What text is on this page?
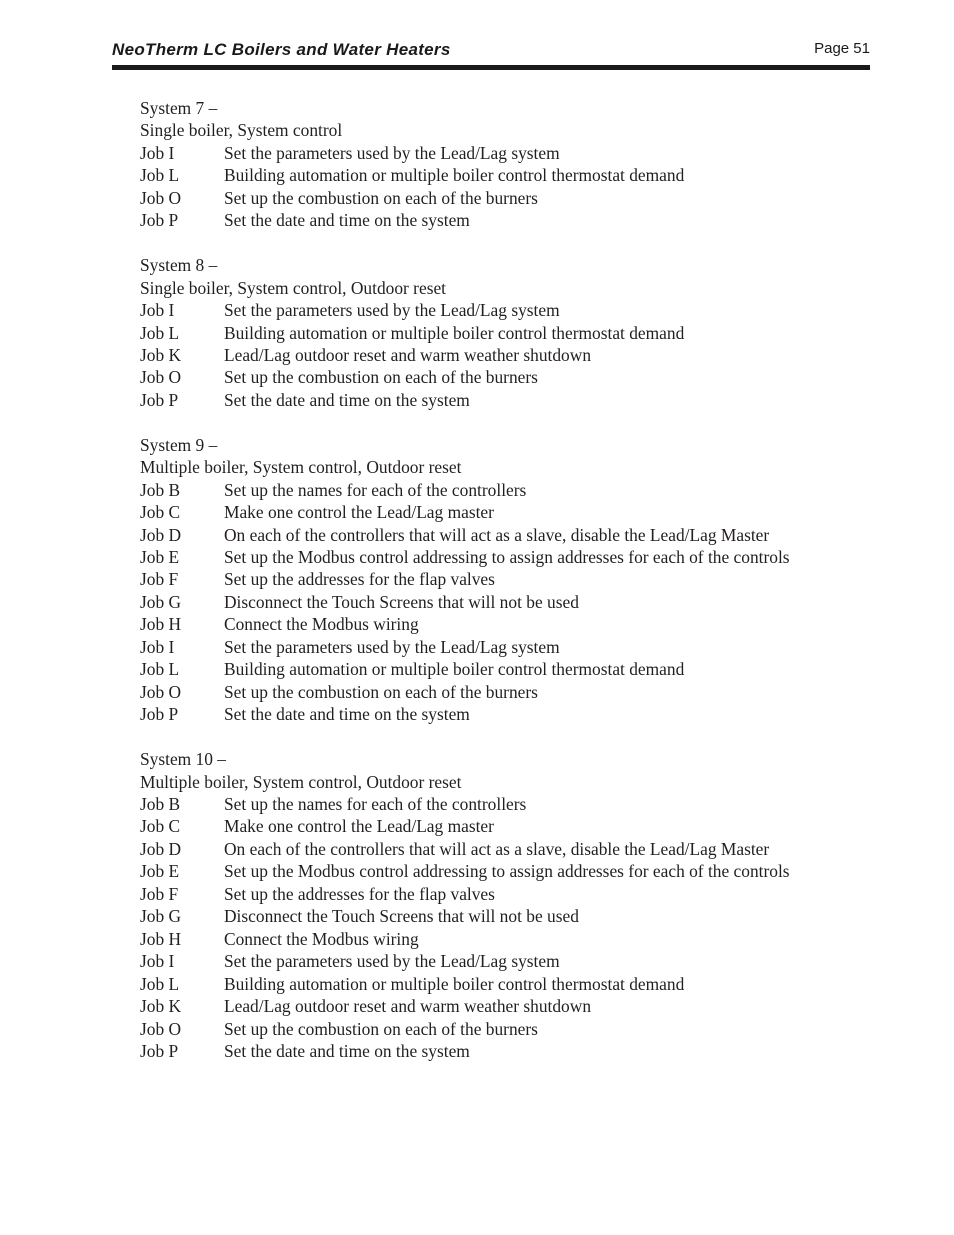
NeoTherm LC Boilers and Water Heaters	Page 51
System 7 –
Single boiler, System control
Job I	Set the parameters used by the Lead/Lag system
Job L	Building automation or multiple boiler control thermostat demand
Job O	Set up the combustion on each of the burners
Job P	Set the date and time on the system
System 8 –
Single boiler, System control, Outdoor reset
Job I	Set the parameters used by the Lead/Lag system
Job L	Building automation or multiple boiler control thermostat demand
Job K	Lead/Lag outdoor reset and warm weather shutdown
Job O	Set up the combustion on each of the burners
Job P	Set the date and time on the system
System 9 –
Multiple boiler, System control, Outdoor reset
Job B	Set up the names for each of the controllers
Job C	Make one control the Lead/Lag master
Job D	On each of the controllers that will act as a slave, disable the Lead/Lag Master
Job E	Set up the Modbus control addressing to assign addresses for each of the controls
Job F	Set up the addresses for the flap valves
Job G	Disconnect the Touch Screens that will not be used
Job H	Connect the Modbus wiring
Job I	Set the parameters used by the Lead/Lag system
Job L	Building automation or multiple boiler control thermostat demand
Job O	Set up the combustion on each of the burners
Job P	Set the date and time on the system
System 10 –
Multiple boiler, System control, Outdoor reset
Job B	Set up the names for each of the controllers
Job C	Make one control the Lead/Lag master
Job D	On each of the controllers that will act as a slave, disable the Lead/Lag Master
Job E	Set up the Modbus control addressing to assign addresses for each of the controls
Job F	Set up the addresses for the flap valves
Job G	Disconnect the Touch Screens that will not be used
Job H	Connect the Modbus wiring
Job I	Set the parameters used by the Lead/Lag system
Job L	Building automation or multiple boiler control thermostat demand
Job K	Lead/Lag outdoor reset and warm weather shutdown
Job O	Set up the combustion on each of the burners
Job P	Set the date and time on the system
